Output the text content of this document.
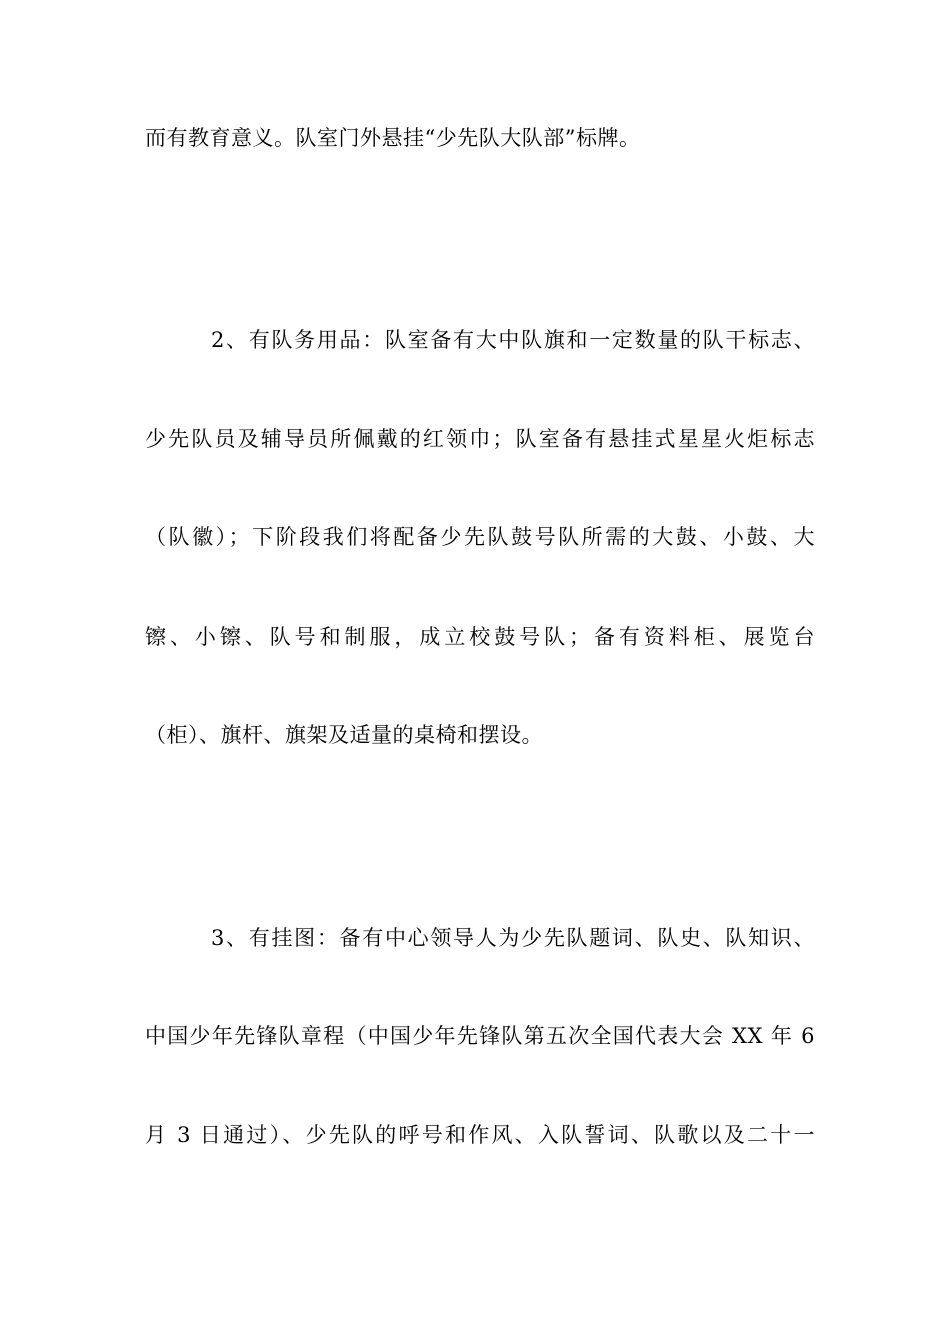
而有教育意义。队室门外悬挂“少先队大队部”标牌。
2、有队务用品：队室备有大中队旗和一定数量的队干标志、
少先队员及辅导员所佩戴的红领巾；队室备有悬挂式星星火炬标志
（队徽）；下阶段我们将配备少先队鼓号队所需的大鼓、小鼓、大
镲、小镲、队号和制服，成立校鼓号队；备有资料柜、展览台
（柜）、旗杆、旗架及适量的桌椅和摆设。
3、有挂图：备有中心领导人为少先队题词、队史、队知识、
中国少年先锋队章程（中国少年先锋队第五次全国代表大会 XX 年 6
月 3 日通过）、少先队的呼号和作风、入队誓词、队歌以及二十一
